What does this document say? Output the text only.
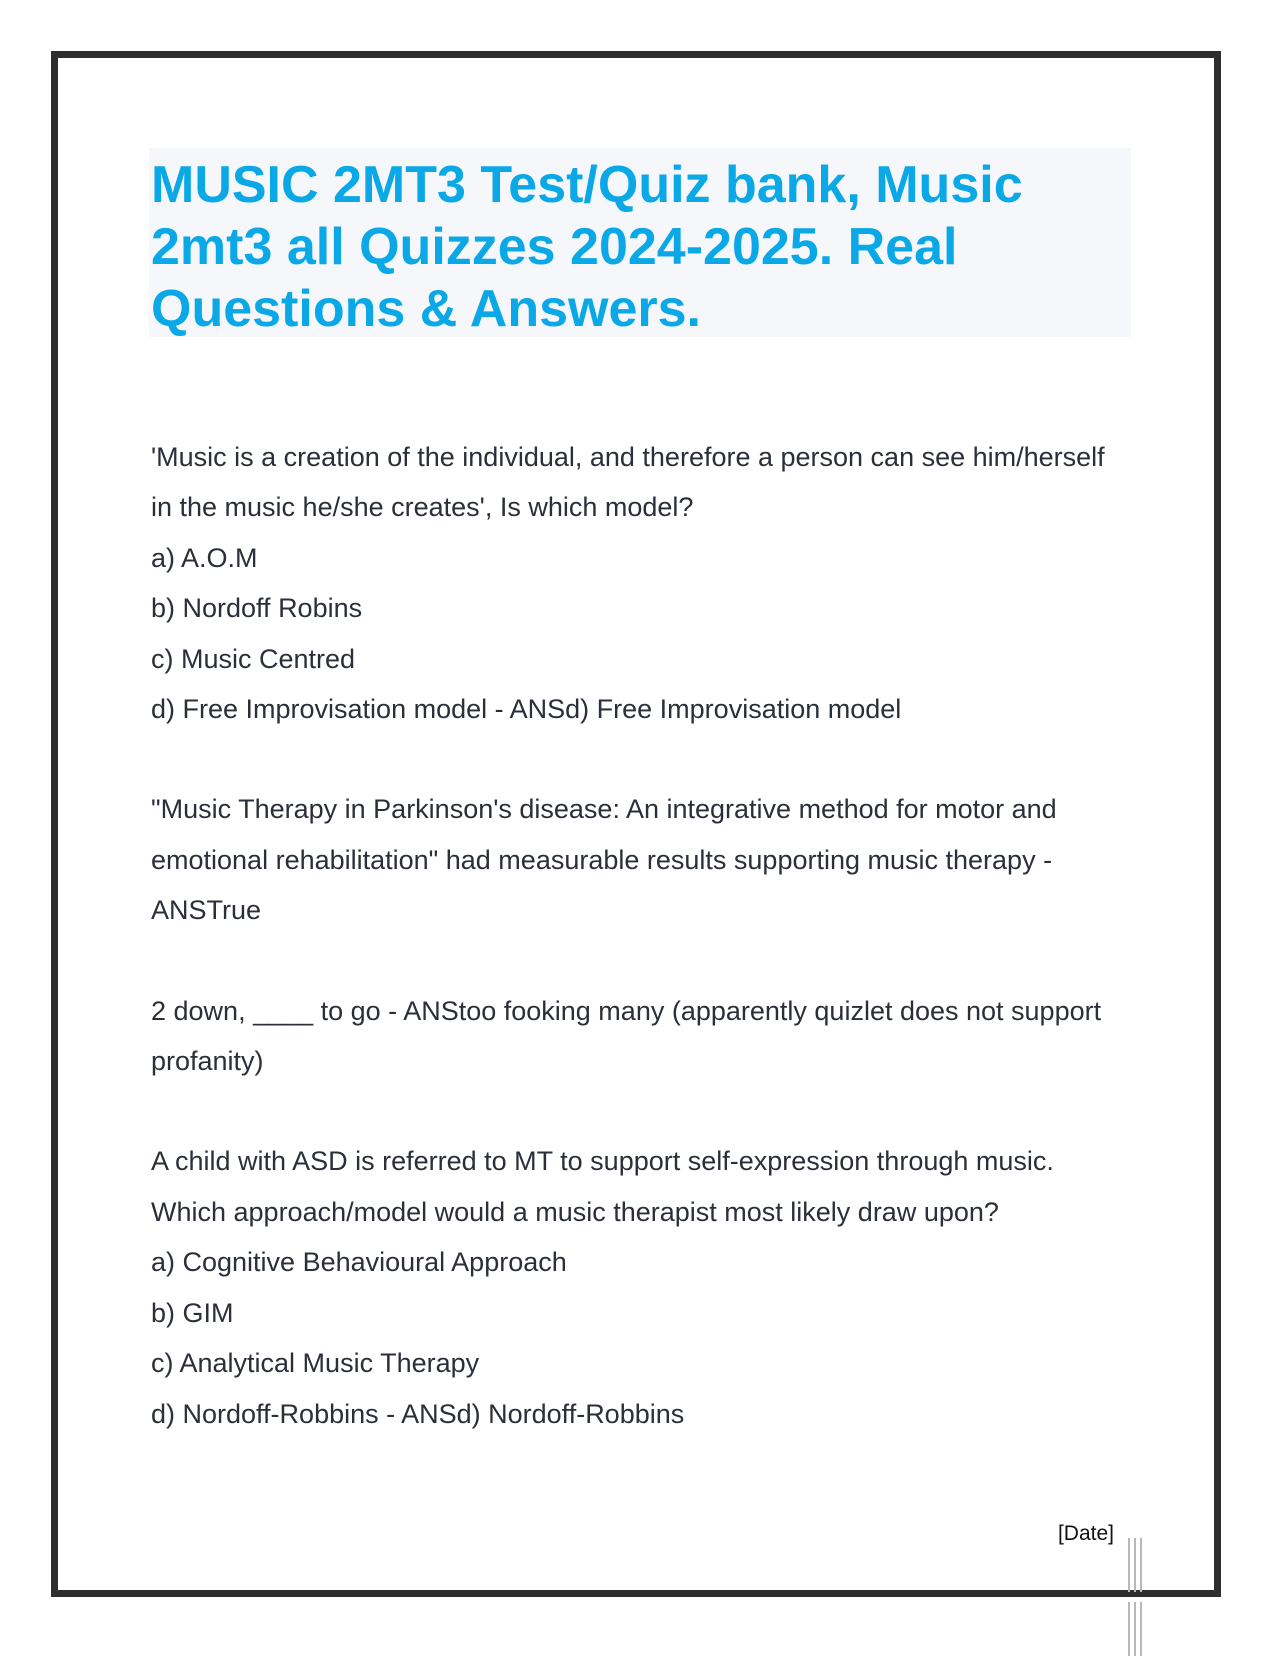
MUSIC 2MT3 Test/Quiz bank, Music 2mt3 all Quizzes 2024-2025. Real Questions & Answers.

'Music is a creation of the individual, and therefore a person can see him/herself in the music he/she creates', Is which model?

a) A.O.M

b) Nordoff Robins

c) Music Centred

d) Free Improvisation model - ANSd) Free Improvisation model

"Music Therapy in Parkinson's disease: An integrative method for motor and emotional rehabilitation" had measurable results supporting music therapy - ANSTrue

2 down, ____ to go - ANStoo fooking many (apparently quizlet does not support profanity)

A child with ASD is referred to MT to support self-expression through music. Which approach/model would a music therapist most likely draw upon?

a) Cognitive Behavioural Approach

b) GIM

c) Analytical Music Therapy

d) Nordoff-Robbins - ANSd) Nordoff-Robbins

[Date]
